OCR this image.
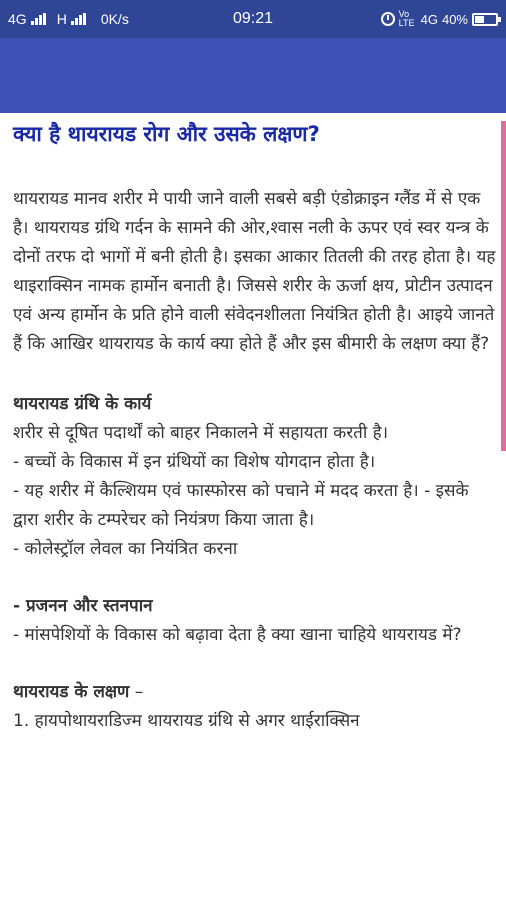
4G H 0K/s	09:21	Vo LTE 4G 40%
क्या है थायरायड रोग और उसके लक्षण?

थायरायड मानव शरीर मे पायी जाने वाली सबसे बड़ी एंडोक्राइन ग्लैंड में से एक है। थायरायड ग्रंथि गर्दन के सामने की ओर,श्वास नली के ऊपर एवं स्वर यन्त्र के दोनों तरफ दो भागों में बनी होती है। इसका आकार तितली की तरह होता है। यह थाइराक्सिन नामक हार्मोन बनाती है। जिससे शरीर के ऊर्जा क्षय, प्रोटीन उत्पादन एवं अन्य हार्मोन के प्रति होने वाली संवेदनशीलता नियंत्रित होती है। आइये जानते हैं कि आखिर थायरायड के कार्य क्या होते हैं और इस बीमारी के लक्षण क्या हैं?

थायरायड ग्रंथि के कार्य

शरीर से दूषित पदार्थों को बाहर निकालने में सहायता करती है।

- बच्चों के विकास में इन ग्रंथियों का विशेष योगदान होता है।

- यह शरीर में कैल्शियम एवं फास्फोरस को पचाने में मदद करता है। - इसके द्वारा शरीर के टम्परेचर को नियंत्रण किया जाता है।

- कोलेस्ट्रॉल लेवल का नियंत्रित करना

- प्रजनन और स्तनपान

- मांसपेशियों के विकास को बढ़ावा देता है क्या खाना चाहिये थायरायड में?

थायरायड के लक्षण –

1. हायपोथायराडिज्म थायरायड ग्रंथि से अगर थाईराक्सिन
